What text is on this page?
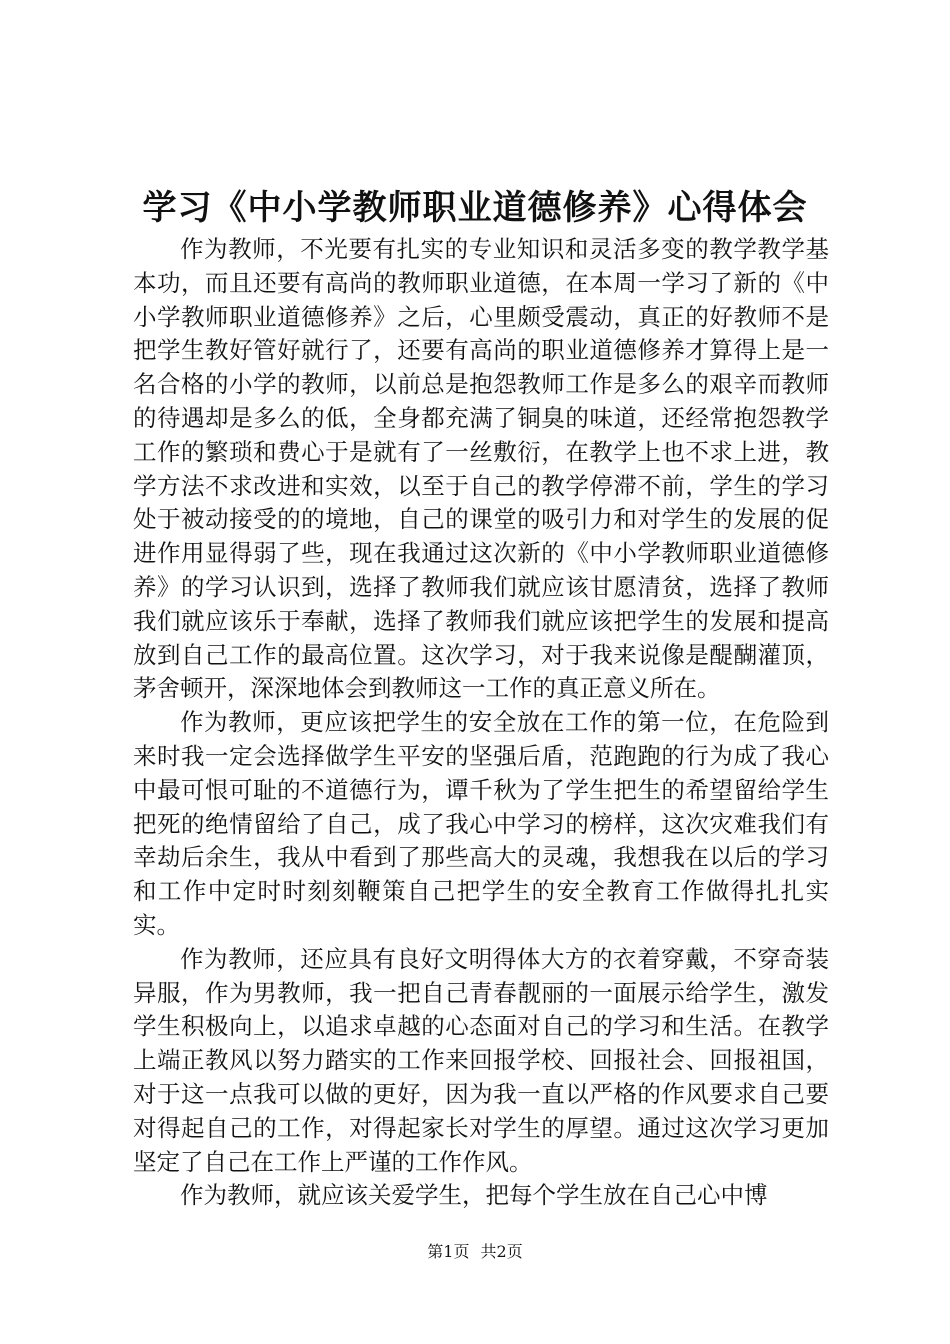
学习《中小学教师职业道德修养》心得体会

作为教师，不光要有扎实的专业知识和灵活多变的教学教学基本功，而且还要有高尚的教师职业道德，在本周一学习了新的《中小学教师职业道德修养》之后，心里颇受震动，真正的好教师不是把学生教好管好就行了，还要有高尚的职业道德修养才算得上是一名合格的小学的教师，以前总是抱怨教师工作是多么的艰辛而教师的待遇却是多么的低，全身都充满了铜臭的味道，还经常抱怨教学工作的繁琐和费心于是就有了一丝敷衍，在教学上也不求上进，教学方法不求改进和实效，以至于自己的教学停滞不前，学生的学习处于被动接受的的境地，自己的课堂的吸引力和对学生的发展的促进作用显得弱了些，现在我通过这次新的《中小学教师职业道德修养》的学习认识到，选择了教师我们就应该甘愿清贫，选择了教师我们就应该乐于奉献，选择了教师我们就应该把学生的发展和提高放到自己工作的最高位置。这次学习，对于我来说像是醍醐灌顶，茅舍顿开，深深地体会到教师这一工作的真正意义所在。

作为教师，更应该把学生的安全放在工作的第一位，在危险到来时我一定会选择做学生平安的坚强后盾，范跑跑的行为成了我心中最可恨可耻的不道德行为，谭千秋为了学生把生的希望留给学生把死的绝情留给了自己，成了我心中学习的榜样，这次灾难我们有幸劫后余生，我从中看到了那些高大的灵魂，我想我在以后的学习和工作中定时时刻刻鞭策自己把学生的安全教育工作做得扎扎实实。

作为教师，还应具有良好文明得体大方的衣着穿戴，不穿奇装异服，作为男教师，我一把自己青春靓丽的一面展示给学生，激发学生积极向上，以追求卓越的心态面对自己的学习和生活。在教学上端正教风以努力踏实的工作来回报学校、回报社会、回报祖国，对于这一点我可以做的更好，因为我一直以严格的作风要求自己要对得起自己的工作，对得起家长对学生的厚望。通过这次学习更加坚定了自己在工作上严谨的工作作风。

作为教师，就应该关爱学生，把每个学生放在自己心中博

第1页 共2页
